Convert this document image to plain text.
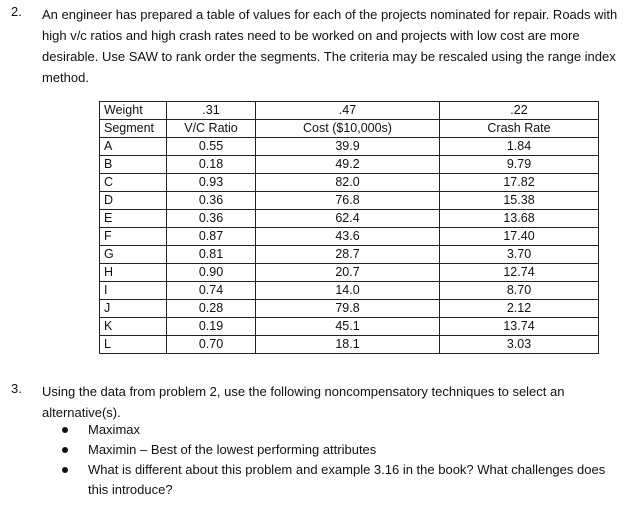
2. An engineer has prepared a table of values for each of the projects nominated for repair. Roads with high v/c ratios and high crash rates need to be worked on and projects with low cost are more desirable. Use SAW to rank order the segments. The criteria may be rescaled using the range index method.
Weight	.31	.47	.22
Segment	V/C Ratio	Cost ($10,000s)	Crash Rate
A	0.55	39.9	1.84
B	0.18	49.2	9.79
C	0.93	82.0	17.82
D	0.36	76.8	15.38
E	0.36	62.4	13.68
F	0.87	43.6	17.40
G	0.81	28.7	3.70
H	0.90	20.7	12.74
I	0.74	14.0	8.70
J	0.28	79.8	2.12
K	0.19	45.1	13.74
L	0.70	18.1	3.03
3. Using the data from problem 2, use the following noncompensatory techniques to select an alternative(s).
Maximax
Maximin – Best of the lowest performing attributes
What is different about this problem and example 3.16 in the book? What challenges does this introduce?
